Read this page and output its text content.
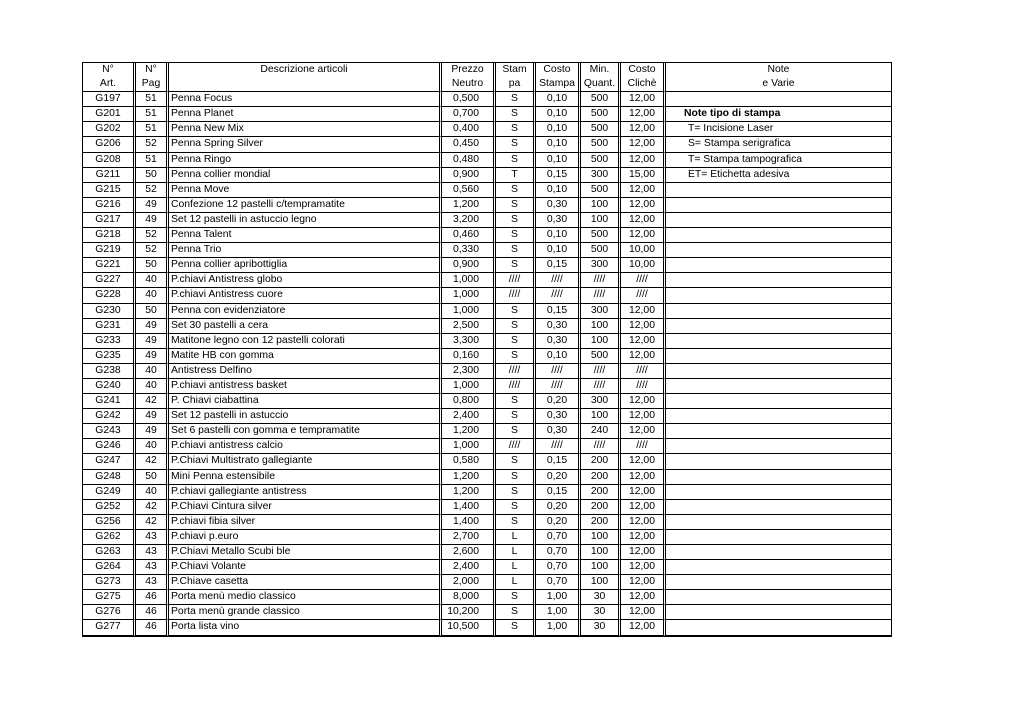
N°	N°	Descrizione articoli	Prezzo	Stam	Costo	Min.	Costo	Note
Art.	Pag		Neutro	pa	Stampa	Quant.	Clichè	e Varie
G197	51	Penna Focus	0,500	S	0,10	500	12,00	
G201	51	Penna Planet	0,700	S	0,10	500	12,00	Note tipo di stampa
G202	51	Penna New Mix	0,400	S	0,10	500	12,00	T= Incisione Laser
G206	52	Penna Spring Silver	0,450	S	0,10	500	12,00	S= Stampa serigrafica
G208	51	Penna Ringo	0,480	S	0,10	500	12,00	T= Stampa tampografica
G211	50	Penna collier mondial	0,900	T	0,15	300	15,00	ET= Etichetta adesiva
G215	52	Penna Move	0,560	S	0,10	500	12,00	
G216	49	Confezione 12 pastelli c/tempramatite	1,200	S	0,30	100	12,00	
G217	49	Set 12 pastelli in astuccio legno	3,200	S	0,30	100	12,00	
G218	52	Penna Talent	0,460	S	0,10	500	12,00	
G219	52	Penna Trio	0,330	S	0,10	500	10,00	
G221	50	Penna collier apribottiglia	0,900	S	0,15	300	10,00	
G227	40	P.chiavi Antistress globo	1,000	////	////	////	////	
G228	40	P.chiavi Antistress cuore	1,000	////	////	////	////	
G230	50	Penna con evidenziatore	1,000	S	0,15	300	12,00	
G231	49	Set 30 pastelli a cera	2,500	S	0,30	100	12,00	
G233	49	Matitone legno con 12 pastelli colorati	3,300	S	0,30	100	12,00	
G235	49	Matite HB con gomma	0,160	S	0,10	500	12,00	
G238	40	Antistress Delfino	2,300	////	////	////	////	
G240	40	P.chiavi antistress basket	1,000	////	////	////	////	
G241	42	P. Chiavi ciabattina	0,800	S	0,20	300	12,00	
G242	49	Set 12 pastelli in astuccio	2,400	S	0,30	100	12,00	
G243	49	Set 6 pastelli con gomma e tempramatite	1,200	S	0,30	240	12,00	
G246	40	P.chiavi antistress calcio	1,000	////	////	////	////	
G247	42	P.Chiavi Multistrato gallegiante	0,580	S	0,15	200	12,00	
G248	50	Mini Penna estensibile	1,200	S	0,20	200	12,00	
G249	40	P.chiavi gallegiante antistress	1,200	S	0,15	200	12,00	
G252	42	P.Chiavi Cintura silver	1,400	S	0,20	200	12,00	
G256	42	P.chiavi fibia silver	1,400	S	0,20	200	12,00	
G262	43	P.chiavi p.euro	2,700	L	0,70	100	12,00	
G263	43	P.Chiavi Metallo Scubi ble	2,600	L	0,70	100	12,00	
G264	43	P.Chiavi Volante	2,400	L	0,70	100	12,00	
G273	43	P.Chiave casetta	2,000	L	0,70	100	12,00	
G275	46	Porta menù medio classico	8,000	S	1,00	30	12,00	
G276	46	Porta menù grande classico	10,200	S	1,00	30	12,00	
G277	46	Porta lista vino	10,500	S	1,00	30	12,00	
